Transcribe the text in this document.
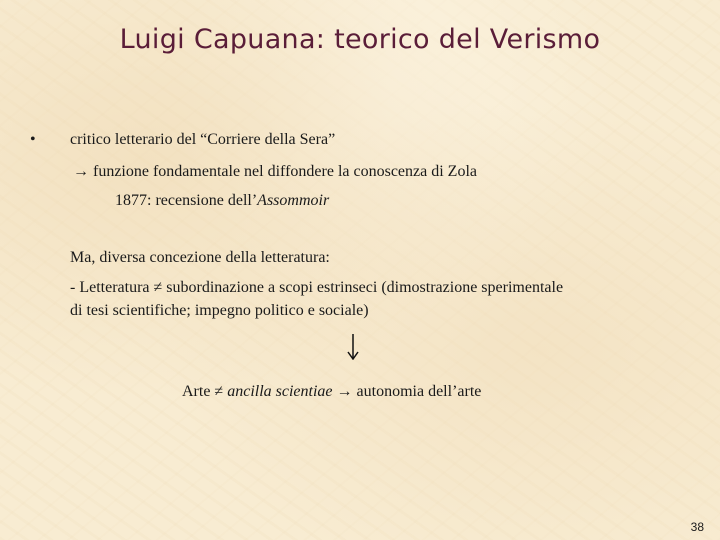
Luigi Capuana: teorico del Verismo
• critico letterario del “Corriere della Sera”
→ funzione fondamentale nel diffondere la conoscenza di Zola
1877: recensione dell’Assommoir
Ma, diversa concezione della letteratura:
- Letteratura ≠ subordinazione a scopi estrinseci (dimostrazione sperimentale
di tesi scientifiche; impegno politico e sociale)
Arte ≠ ancilla scientiae → autonomia dell’arte
38
